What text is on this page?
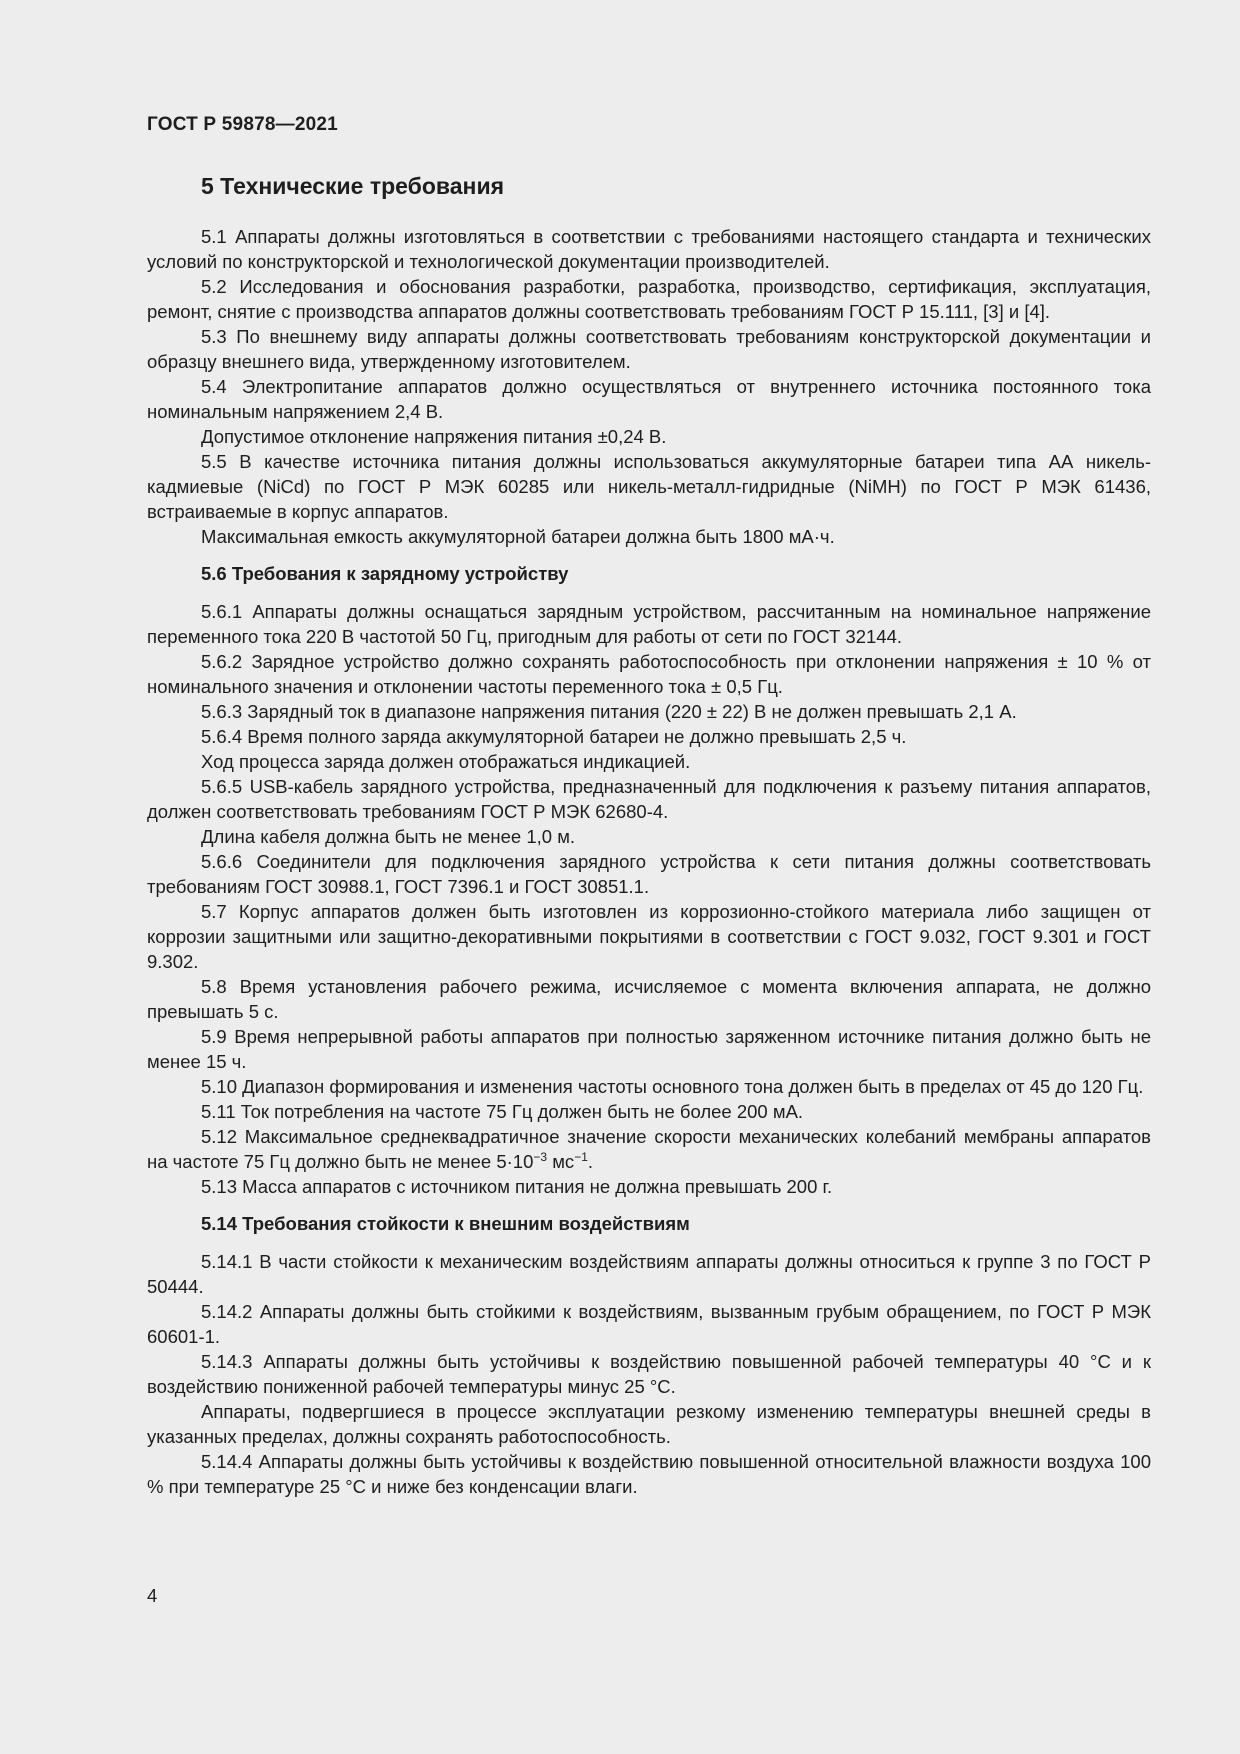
ГОСТ Р 59878—2021
5 Технические требования

5.1 Аппараты должны изготовляться в соответствии с требованиями настоящего стандарта и технических условий по конструкторской и технологической документации производителей.

5.2 Исследования и обоснования разработки, разработка, производство, сертификация, эксплуатация, ремонт, снятие с производства аппаратов должны соответствовать требованиям ГОСТ Р 15.111, [3] и [4].

5.3 По внешнему виду аппараты должны соответствовать требованиям конструкторской документации и образцу внешнего вида, утвержденному изготовителем.

5.4 Электропитание аппаратов должно осуществляться от внутреннего источника постоянного тока номинальным напряжением 2,4 В.

Допустимое отклонение напряжения питания ±0,24 В.

5.5 В качестве источника питания должны использоваться аккумуляторные батареи типа АА никель-кадмиевые (NiCd) по ГОСТ Р МЭК 60285 или никель-металл-гидридные (NiMH) по ГОСТ Р МЭК 61436, встраиваемые в корпус аппаратов.

Максимальная емкость аккумуляторной батареи должна быть 1800 мА·ч.

5.6 Требования к зарядному устройству

5.6.1 Аппараты должны оснащаться зарядным устройством, рассчитанным на номинальное напряжение переменного тока 220 В частотой 50 Гц, пригодным для работы от сети по ГОСТ 32144.

5.6.2 Зарядное устройство должно сохранять работоспособность при отклонении напряжения ± 10 % от номинального значения и отклонении частоты переменного тока ± 0,5 Гц.

5.6.3 Зарядный ток в диапазоне напряжения питания (220 ± 22) В не должен превышать 2,1 А.

5.6.4 Время полного заряда аккумуляторной батареи не должно превышать 2,5 ч.

Ход процесса заряда должен отображаться индикацией.

5.6.5 USB-кабель зарядного устройства, предназначенный для подключения к разъему питания аппаратов, должен соответствовать требованиям ГОСТ Р МЭК 62680-4.

Длина кабеля должна быть не менее 1,0 м.

5.6.6 Соединители для подключения зарядного устройства к сети питания должны соответствовать требованиям ГОСТ 30988.1, ГОСТ 7396.1 и ГОСТ 30851.1.

5.7 Корпус аппаратов должен быть изготовлен из коррозионно-стойкого материала либо защищен от коррозии защитными или защитно-декоративными покрытиями в соответствии с ГОСТ 9.032, ГОСТ 9.301 и ГОСТ 9.302.

5.8 Время установления рабочего режима, исчисляемое с момента включения аппарата, не должно превышать 5 с.

5.9 Время непрерывной работы аппаратов при полностью заряженном источнике питания должно быть не менее 15 ч.

5.10 Диапазон формирования и изменения частоты основного тона должен быть в пределах от 45 до 120 Гц.

5.11 Ток потребления на частоте 75 Гц должен быть не более 200 мА.

5.12 Максимальное среднеквадратичное значение скорости механических колебаний мембраны аппаратов на частоте 75 Гц должно быть не менее $5\cdot 10^{-3}$ $мс^{-1}$.

5.13 Масса аппаратов с источником питания не должна превышать 200 г.

5.14 Требования стойкости к внешним воздействиям

5.14.1 В части стойкости к механическим воздействиям аппараты должны относиться к группе 3 по ГОСТ Р 50444.

5.14.2 Аппараты должны быть стойкими к воздействиям, вызванным грубым обращением, по ГОСТ Р МЭК 60601-1.

5.14.3 Аппараты должны быть устойчивы к воздействию повышенной рабочей температуры 40 °С и к воздействию пониженной рабочей температуры минус 25 °С.

Аппараты, подвергшиеся в процессе эксплуатации резкому изменению температуры внешней среды в указанных пределах, должны сохранять работоспособность.

5.14.4 Аппараты должны быть устойчивы к воздействию повышенной относительной влажности воздуха 100 % при температуре 25 °С и ниже без конденсации влаги.

4
